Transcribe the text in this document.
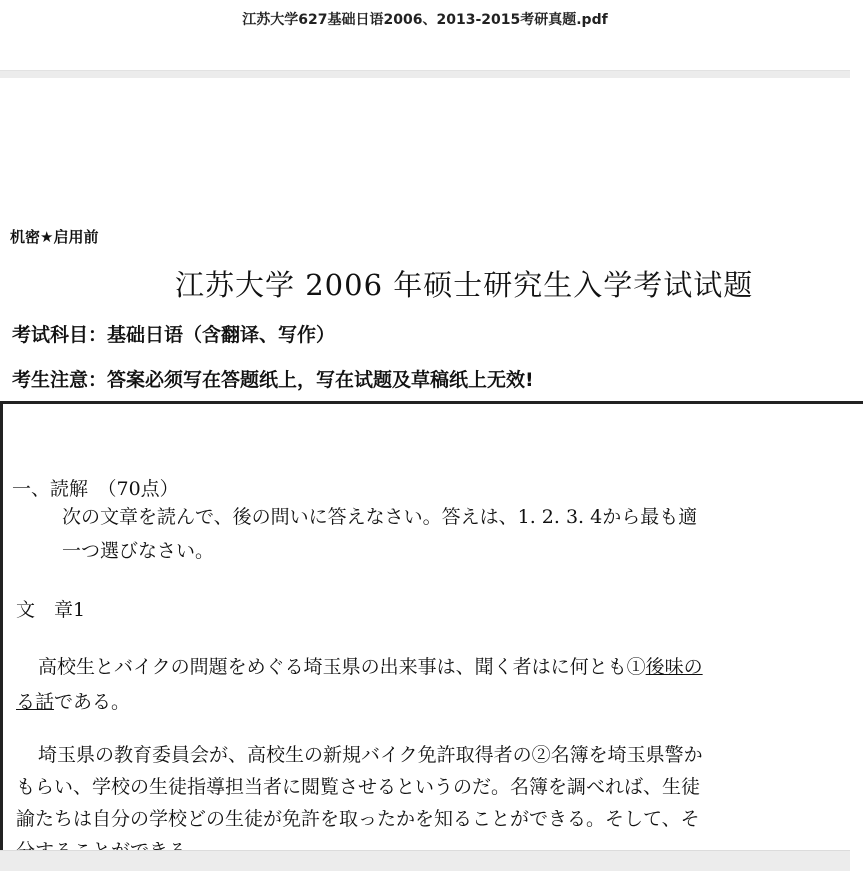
江苏大学627基础日语2006、2013-2015考研真题.pdf
机密★启用前
江苏大学 2006 年硕士研究生入学考试试题
考试科目：基础日语（含翻译、写作）
考生注意：答案必须写在答题纸上，写在试题及草稿纸上无效!
一、読解　（70点）
次の文章を読んで、後の問いに答えなさい。答えは、1. 2. 3. 4から最も適
一つ選びなさい。
文　章1
高校生とバイクの問題をめぐる埼玉県の出来事は、聞く者はに何とも①後味の
る話である。
埼玉県の教育委員会が、高校生の新規バイク免許取得者の②名簿を埼玉県警か
もらい、学校の生徒指導担当者に閲覧させるというのだ。名簿を調べれば、生徒
諭たちは自分の学校どの生徒が免許を取ったかを知ることができる。そして、そ
